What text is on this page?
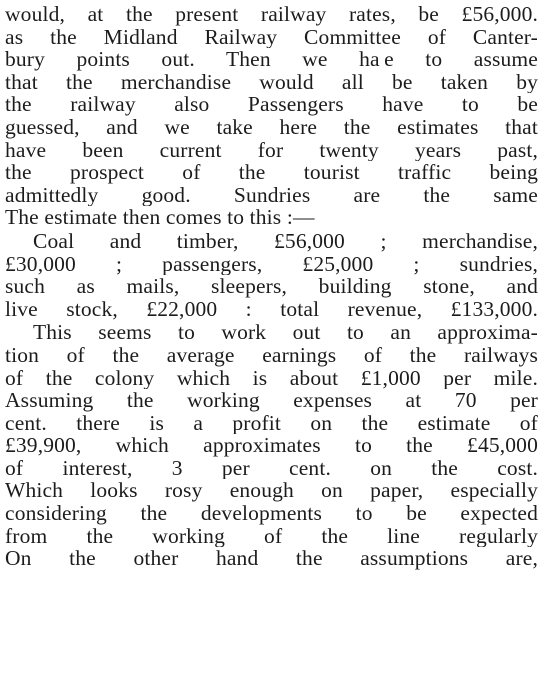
would, at the present railway rates, be £56,000.
as the Midland Railway Committee of Canter-
bury points out. Then we ha e to assume
that the merchandise would all be taken by
the railway also Passengers have to be
guessed, and we take here the estimates that
have been current for twenty years past,
the prospect of the tourist traffic being
admittedly good. Sundries are the same
The estimate then comes to this :—
Coal and timber, £56,000 ; merchandise,
£30,000 ; passengers, £25,000 ; sundries,
such as mails, sleepers, building stone, and
live stock, £22,000 : total revenue, £133,000.
This seems to work out to an approxima-
tion of the average earnings of the railways
of the colony which is about £1,000 per mile.
Assuming the working expenses at 70 per
cent. there is a profit on the estimate of
£39,900, which approximates to the £45,000
of interest, 3 per cent. on the cost.
Which looks rosy enough on paper, especially
considering the developments to be expected
from the working of the line regularly
On the other hand the assumptions are,
